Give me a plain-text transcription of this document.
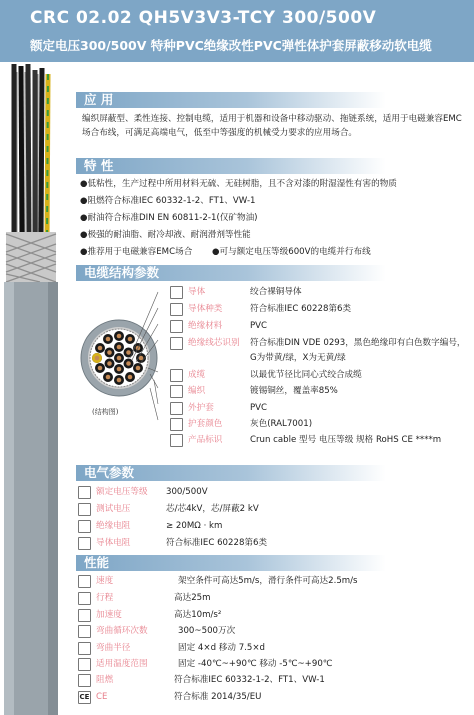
CRC 02.02 QH5V3V3-TCY 300/500V
额定电压300/500V 特种PVC绝缘改性PVC弹性体护套屏蔽移动软电缆
应 用
编织屏蔽型、柔性连接、控制电缆，适用于机器和设备中移动驱动、拖链系统，适用于电磁兼容EMC场合布线，可满足高端电气，低至中等强度的机械受力要求的应用场合。
特 性
●低粘性，生产过程中所用材料无硫、无硅树脂，且不含对漆的附湿湿性有害的物质
●阻燃符合标准IEC 60332-1-2、FT1、VW-1
●耐油符合标准DIN EN 60811-2-1(仅矿物油)
●极强的耐油脂、耐冷却液、耐润滑剂等性能
●推荐用于电磁兼容EMC场合 ●可与额定电压等级600V的电缆并行布线
电缆结构参数
(结构图)
导体	绞合裸铜导体
导体种类	符合标准IEC 60228第6类
绝缘材料	PVC
绝缘线芯识别 符合标准DIN VDE 0293，黑色绝缘印有白色数字编号，
G为带黄/绿，X为无黄/绿
成缆	以最优节径比同心式绞合成缆
编织	镀锡铜丝，覆盖率85%
外护套	PVC
护套颜色	灰色(RAL7001)
产品标识	Crun cable 型号 电压等级 规格 RoHS CE ****m
电气参数
额定电压等级 300/500V
测试电压	芯/芯4kV，芯/屏蔽2 kV
绝缘电阻	≥ 20MΩ · km
导体电阻	符合标准IEC 60228第6类
性能
速度	架空条件可高达5m/s，滑行条件可高达2.5m/s
行程	高达25m
加速度	高达10m/s²
弯曲循环次数	300~500万次
弯曲半径	固定 4×d 移动 7.5×d
适用温度范围	固定 -40℃~+90℃ 移动 -5℃~+90℃
阻燃	符合标准IEC 60332-1-2、FT1、VW-1
CE CE	符合标准 2014/35/EU
